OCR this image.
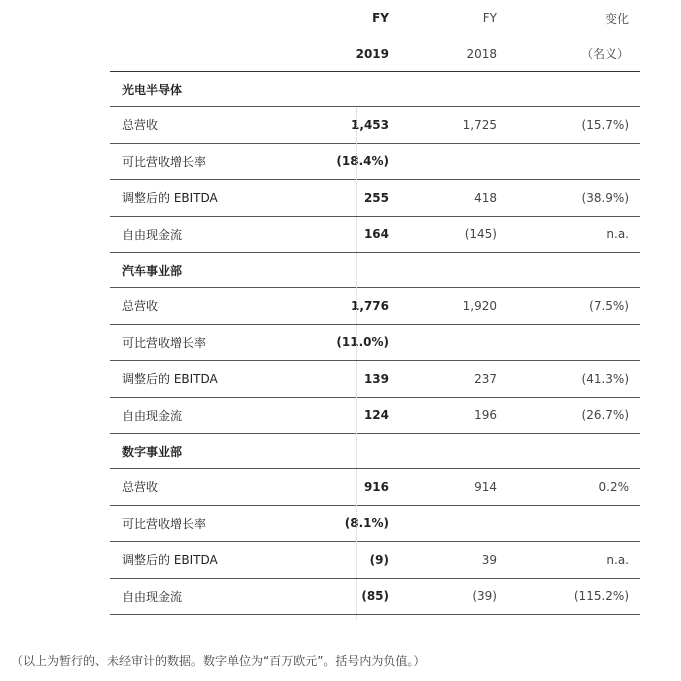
FY	FY	变化
2019	2018	（名义）
光电半导体
总营收	1,453	1,725	(15.7%)
可比营收增长率	(18.4%)
调整后的 EBITDA	255	418	(38.9%)
自由现金流	164	(145)	n.a.
汽车事业部
总营收	1,776	1,920	(7.5%)
可比营收增长率	(11.0%)
调整后的 EBITDA	139	237	(41.3%)
自由现金流	124	196	(26.7%)
数字事业部
总营收	916	914	0.2%
可比营收增长率	(8.1%)
调整后的 EBITDA	(9)	39	n.a.
自由现金流	(85)	(39)	(115.2%)
（以上为暂行的、未经审计的数据。数字单位为“百万欧元”。括号内为负值。）
